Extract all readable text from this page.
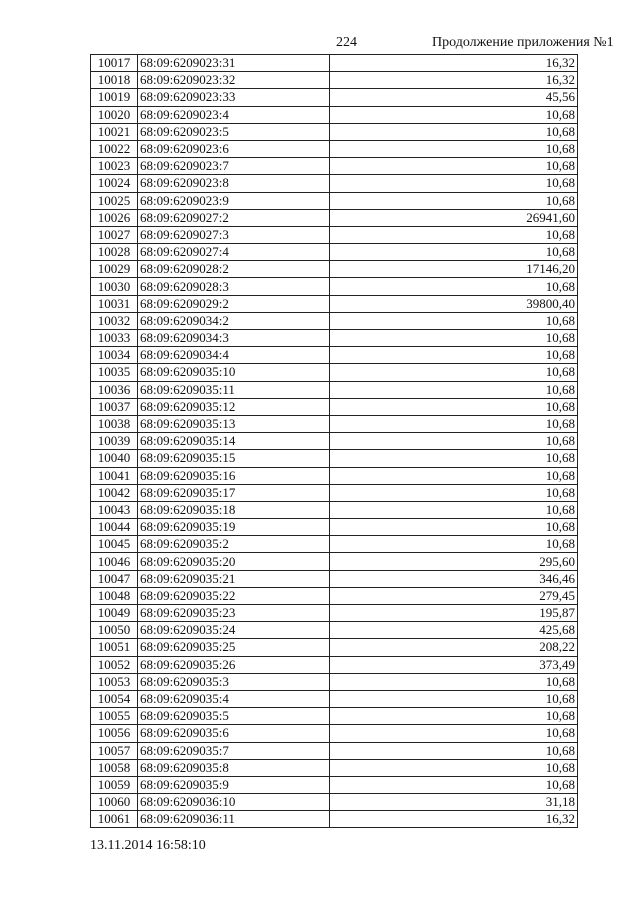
224	Продолжение приложения №1
10017	68:09:6209023:31	16,32
10018	68:09:6209023:32	16,32
10019	68:09:6209023:33	45,56
10020	68:09:6209023:4	10,68
10021	68:09:6209023:5	10,68
10022	68:09:6209023:6	10,68
10023	68:09:6209023:7	10,68
10024	68:09:6209023:8	10,68
10025	68:09:6209023:9	10,68
10026	68:09:6209027:2	26941,60
10027	68:09:6209027:3	10,68
10028	68:09:6209027:4	10,68
10029	68:09:6209028:2	17146,20
10030	68:09:6209028:3	10,68
10031	68:09:6209029:2	39800,40
10032	68:09:6209034:2	10,68
10033	68:09:6209034:3	10,68
10034	68:09:6209034:4	10,68
10035	68:09:6209035:10	10,68
10036	68:09:6209035:11	10,68
10037	68:09:6209035:12	10,68
10038	68:09:6209035:13	10,68
10039	68:09:6209035:14	10,68
10040	68:09:6209035:15	10,68
10041	68:09:6209035:16	10,68
10042	68:09:6209035:17	10,68
10043	68:09:6209035:18	10,68
10044	68:09:6209035:19	10,68
10045	68:09:6209035:2	10,68
10046	68:09:6209035:20	295,60
10047	68:09:6209035:21	346,46
10048	68:09:6209035:22	279,45
10049	68:09:6209035:23	195,87
10050	68:09:6209035:24	425,68
10051	68:09:6209035:25	208,22
10052	68:09:6209035:26	373,49
10053	68:09:6209035:3	10,68
10054	68:09:6209035:4	10,68
10055	68:09:6209035:5	10,68
10056	68:09:6209035:6	10,68
10057	68:09:6209035:7	10,68
10058	68:09:6209035:8	10,68
10059	68:09:6209035:9	10,68
10060	68:09:6209036:10	31,18
10061	68:09:6209036:11	16,32
13.11.2014 16:58:10
